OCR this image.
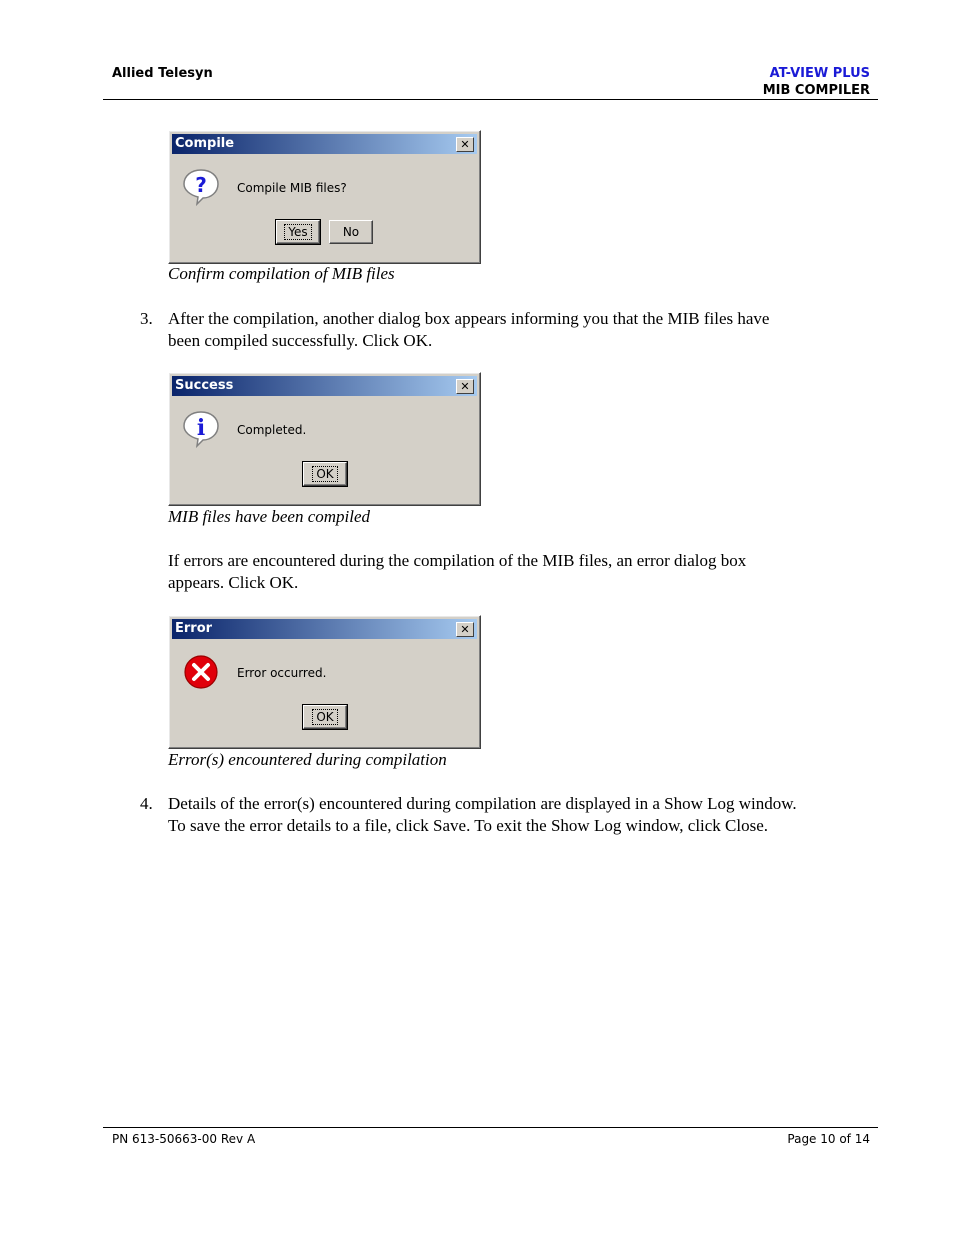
Allied Telesyn	AT-VIEW PLUS
MIB COMPILER
Compile	✕
?	Compile MIB files?
Yes	No
Confirm compilation of MIB files
3. After the compilation, another dialog box appears informing you that the MIB files have
been compiled successfully. Click OK.
Success	✕
i	Completed.
OK
MIB files have been compiled
If errors are encountered during the compilation of the MIB files, an error dialog box
appears. Click OK.
Error	✕
Error occurred.
OK
Error(s) encountered during compilation
4. Details of the error(s) encountered during compilation are displayed in a Show Log window.
To save the error details to a file, click Save. To exit the Show Log window, click Close.
PN 613-50663-00 Rev A	Page 10 of 14
